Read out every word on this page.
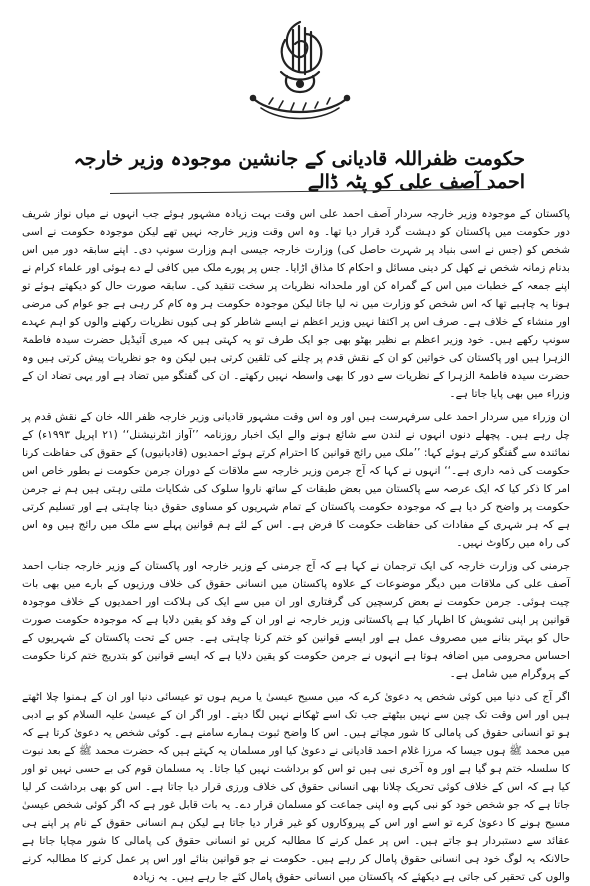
حکومت ظفراللہ قادیانی کے جانشین موجودہ وزیر خارجہ احمد آصف علی کو پٹہ ڈالے

پاکستان کے موجودہ وزیر خارجہ سردار آصف احمد علی اس وقت بہت زیادہ مشہور ہوئے جب انہوں نے میاں نواز شریف دور حکومت میں پاکستان کو دہشت گرد قرار دیا تھا۔ وہ اس وقت وزیر خارجہ نہیں تھے لیکن موجودہ حکومت نے اسی شخص کو (جس نے اسی بنیاد پر شہرت حاصل کی) وزارت خارجہ جیسی اہم وزارت سونپ دی۔ اپنے سابقہ دور میں اس بدنام زمانہ شخص نے کھل کر دینی مسائل و احکام کا مذاق اڑایا۔ جس پر پورے ملک میں کافی لے دے ہوئی اور علماء کرام نے اپنے جمعہ کے خطبات میں اس کے گمراہ کن اور ملحدانہ نظریات پر سخت تنقید کی۔ سابقہ صورت حال کو دیکھتے ہوئے تو ہونا یہ چاہیے تھا کہ اس شخص کو وزارت میں نہ لیا جاتا لیکن موجودہ حکومت ہر وہ کام کر رہی ہے جو عوام کی مرضی اور منشاء کے خلاف ہے۔ صرف اس پر اکتفا نہیں وزیر اعظم نے ایسے شاطر کو ہی کیوں نظریات رکھنے والوں کو اہم عہدے سونپ رکھے ہیں۔ خود وزیر اعظم بے نظیر بھٹو بھی جو ایک طرف تو یہ کہتی ہیں کہ میری آئیڈیل حضرت سیدہ فاطمۃ الزہرا ہیں اور پاکستان کی خواتین کو ان کے نقش قدم پر چلنے کی تلقین کرتی ہیں لیکن وہ جو نظریات پیش کرتی ہیں وہ حضرت سیدہ فاطمۃ الزہرا کے نظریات سے دور کا بھی واسطہ نہیں رکھتے۔ ان کی گفتگو میں تضاد ہے اور یہی تضاد ان کے وزراء میں بھی پایا جاتا ہے۔

ان وزراء میں سردار احمد علی سرفہرست ہیں اور وہ اس وقت مشہور قادیانی وزیر خارجہ ظفر اللہ خان کے نقش قدم پر چل رہے ہیں۔ پچھلے دنوں انہوں نے لندن سے شائع ہونے والے ایک اخبار روزنامہ ’’آواز انٹرنیشنل‘‘ (۲۱ اپریل ۱۹۹۳ء) کے نمائندہ سے گفتگو کرتے ہوئے کہا: ’’ملک میں رائج قوانین کا احترام کرتے ہوئے احمدیوں (قادیانیوں) کے حقوق کی حفاظت کرنا حکومت کی ذمہ داری ہے۔‘‘ انہوں نے کہا کہ آج جرمن وزیر خارجہ سے ملاقات کے دوران جرمن حکومت نے بطور خاص اس امر کا ذکر کیا کہ ایک عرصہ سے پاکستان میں بعض طبقات کے ساتھ ناروا سلوک کی شکایات ملتی رہتی ہیں ہم نے جرمن حکومت پر واضح کر دیا ہے کہ موجودہ حکومت پاکستان کے تمام شہریوں کو مساوی حقوق دینا چاہتی ہے اور تسلیم کرتی ہے کہ ہر شہری کے مفادات کی حفاظت حکومت کا فرض ہے۔ اس کے لئے ہم قوانین پہلے سے ملک میں رائج ہیں وہ اس کی راہ میں رکاوٹ نہیں۔

جرمنی کی وزارت خارجہ کی ایک ترجمان نے کہا ہے کہ آج جرمنی کے وزیر خارجہ اور پاکستان کے وزیر خارجہ جناب احمد آصف علی کی ملاقات میں دیگر موضوعات کے علاوہ پاکستان میں انسانی حقوق کی خلاف ورزیوں کے بارے میں بھی بات چیت ہوئی۔ جرمن حکومت نے بعض کرسچین کی گرفتاری اور ان میں سے ایک کی ہلاکت اور احمدیوں کے خلاف موجودہ قوانین پر اپنی تشویش کا اظہار کیا ہے پاکستانی وزیر خارجہ نے اور ان کے وفد کو یقین دلایا ہے کہ موجودہ حکومت صورت حال کو بہتر بنانے میں مصروف عمل ہے اور ایسے قوانین کو ختم کرنا چاہتی ہے۔ جس کے تحت پاکستان کے شہریوں کے احساس محرومی میں اضافہ ہوتا ہے انہوں نے جرمن حکومت کو یقین دلایا ہے کہ ایسے قوانین کو بتدریج ختم کرنا حکومت کے پروگرام میں شامل ہے۔

اگر آج کی دنیا میں کوئی شخص یہ دعویٰ کرے کہ میں مسیح عیسیٰ یا مریم ہوں تو عیسائی دنیا اور ان کے ہمنوا چلا اٹھتے ہیں اور اس وقت تک چین سے نہیں بیٹھتے جب تک اسے ٹھکانے نہیں لگا دیتے۔ اور اگر ان کے عیسیٰ علیہ السلام کو بے ادبی ہو تو انسانی حقوق کی پامالی کا شور مچاتے ہیں۔ اس کا واضح ثبوت ہمارے سامنے ہے۔ کوئی شخص یہ دعویٰ کرتا ہے کہ میں محمد ﷺ ہوں جیسا کہ مرزا غلام احمد قادیانی نے دعویٰ کیا اور مسلمان یہ کہتے ہیں کہ حضرت محمد ﷺ کے بعد نبوت کا سلسلہ ختم ہو گیا ہے اور وہ آخری نبی ہیں تو اس کو برداشت نہیں کیا جاتا۔ یہ مسلمان قوم کی بے حسی نہیں تو اور کیا ہے کہ اس کے خلاف کوئی تحریک چلانا بھی انسانی حقوق کی خلاف ورزی قرار دیا جاتا ہے۔ اس کو بھی برداشت کر لیا جاتا ہے کہ جو شخص خود کو نبی کہے وہ اپنی جماعت کو مسلمان قرار دے۔ یہ بات قابل غور ہے کہ اگر کوئی شخص عیسیٰ مسیح ہونے کا دعویٰ کرے تو اسے اور اس کے پیروکاروں کو غیر قرار دیا جاتا ہے لیکن ہم انسانی حقوق کے نام پر اپنے ہی عقائد سے دستبردار ہو جاتے ہیں۔ اس پر عمل کرنے کا مطالبہ کریں تو انسانی حقوق کی پامالی کا شور مچایا جاتا ہے حالانکہ یہ لوگ خود ہی انسانی حقوق پامال کر رہے ہیں۔ حکومت نے جو قوانین بنائے اور اس پر عمل کرنے کا مطالبہ کرنے والوں کی تحقیر کی جاتی ہے دیکھئے کہ پاکستان میں انسانی حقوق پامال کئے جا رہے ہیں۔ یہ زیادہ
